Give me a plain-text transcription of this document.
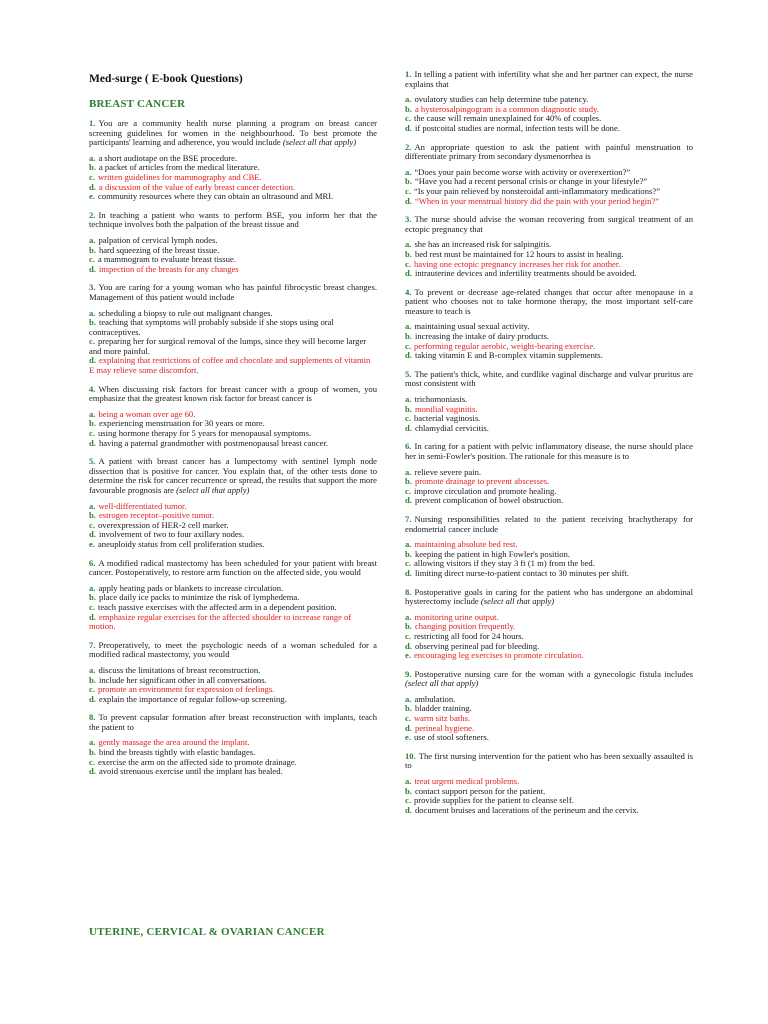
Med-surge ( E-book Questions)
BREAST CANCER
1. You are a community health nurse planning a program on breast cancer screening guidelines for women in the neighbourhood. To best promote the participants' learning and adherence, you would include (select all that apply)
a. a short audiotape on the BSE procedure.
b. a packet of articles from the medical literature.
c. written guidelines for mammography and CBE.
d. a discussion of the value of early breast cancer detection.
e. community resources where they can obtain an ultrasound and MRI.
2. In teaching a patient who wants to perform BSE, you inform her that the technique involves both the palpation of the breast tissue and
a. palpation of cervical lymph nodes.
b. hard squeezing of the breast tissue.
c. a mammogram to evaluate breast tissue.
d. inspection of the breasts for any changes
3. You are caring for a young woman who has painful fibrocystic breast changes. Management of this patient would include
a. scheduling a biopsy to rule out malignant changes.
b. teaching that symptoms will probably subside if she stops using oral contraceptives.
c. preparing her for surgical removal of the lumps, since they will become larger and more painful.
d. explaining that restrictions of coffee and chocolate and supplements of vitamin E may relieve some discomfort.
4. When discussing risk factors for breast cancer with a group of women, you emphasize that the greatest known risk factor for breast cancer is
a. being a woman over age 60.
b. experiencing menstruation for 30 years or more.
c. using hormone therapy for 5 years for menopausal symptoms.
d. having a paternal grandmother with postmenopausal breast cancer.
5. A patient with breast cancer has a lumpectomy with sentinel lymph node dissection that is positive for cancer. You explain that, of the other tests done to determine the risk for cancer recurrence or spread, the results that support the more favourable prognosis are (select all that apply)
a. well-differentiated tumor.
b. estrogen receptor–positive tumor.
c. overexpression of HER-2 cell marker.
d. involvement of two to four axillary nodes.
e. aneuploidy status from cell proliferation studies.
6. A modified radical mastectomy has been scheduled for your patient with breast cancer. Postoperatively, to restore arm function on the affected side, you would
a. apply heating pads or blankets to increase circulation.
b. place daily ice packs to minimize the risk of lymphedema.
c. teach passive exercises with the affected arm in a dependent position.
d. emphasize regular exercises for the affected shoulder to increase range of motion.
7. Preoperatively, to meet the psychologic needs of a woman scheduled for a modified radical mastectomy, you would
a. discuss the limitations of breast reconstruction.
b. include her significant other in all conversations.
c. promote an environment for expression of feelings.
d. explain the importance of regular follow-up screening.
8. To prevent capsular formation after breast reconstruction with implants, teach the patient to
a. gently massage the area around the implant.
b. bind the breasts tightly with elastic bandages.
c. exercise the arm on the affected side to promote drainage.
d. avoid strenuous exercise until the implant has healed.
1. In telling a patient with infertility what she and her partner can expect, the nurse explains that
a. ovulatory studies can help determine tube patency.
b. a hysterosalpingogram is a common diagnostic study.
c. the cause will remain unexplained for 40% of couples.
d. if postcoital studies are normal, infection tests will be done.
2. An appropriate question to ask the patient with painful menstruation to differentiate primary from secondary dysmenorrhea is
a. “Does your pain become worse with activity or overexertion?”
b. “Have you had a recent personal crisis or change in your lifestyle?”
c. “Is your pain relieved by nonsteroidal anti-inflammatory medications?”
d. “When in your menstrual history did the pain with your period begin?”
3. The nurse should advise the woman recovering from surgical treatment of an ectopic pregnancy that
a. she has an increased risk for salpingitis.
b. bed rest must be maintained for 12 hours to assist in healing.
c. having one ectopic pregnancy increases her risk for another.
d. intrauterine devices and infertility treatments should be avoided.
4. To prevent or decrease age-related changes that occur after menopause in a patient who chooses not to take hormone therapy, the most important self-care measure to teach is
a. maintaining usual sexual activity.
b. increasing the intake of dairy products.
c. performing regular aerobic, weight-bearing exercise.
d. taking vitamin E and B-complex vitamin supplements.
5. The patient's thick, white, and curdlike vaginal discharge and vulvar pruritus are most consistent with
a. trichomoniasis.
b. monilial vaginitis.
c. bacterial vaginosis.
d. chlamydial cervicitis.
6. In caring for a patient with pelvic inflammatory disease, the nurse should place her in semi-Fowler's position. The rationale for this measure is to
a. relieve severe pain.
b. promote drainage to prevent abscesses.
c. improve circulation and promote healing.
d. prevent complication of bowel obstruction.
7. Nursing responsibilities related to the patient receiving brachytherapy for endometrial cancer include
a. maintaining absolute bed rest.
b. keeping the patient in high Fowler's position.
c. allowing visitors if they stay 3 ft (1 m) from the bed.
d. limiting direct nurse-to-patient contact to 30 minutes per shift.
8. Postoperative goals in caring for the patient who has undergone an abdominal hysterectomy include (select all that apply)
a. monitoring urine output.
b. changing position frequently.
c. restricting all food for 24 hours.
d. observing perineal pad for bleeding.
e. encouraging leg exercises to promote circulation.
9. Postoperative nursing care for the woman with a gynecologic fistula includes (select all that apply)
a. ambulation.
b. bladder training.
c. warm sitz baths.
d. perineal hygiene.
e. use of stool softeners.
10. The first nursing intervention for the patient who has been sexually assaulted is to
a. treat urgent medical problems.
b. contact support person for the patient.
c. provide supplies for the patient to cleanse self.
d. document bruises and lacerations of the perineum and the cervix.
UTERINE, CERVICAL & OVARIAN CANCER
